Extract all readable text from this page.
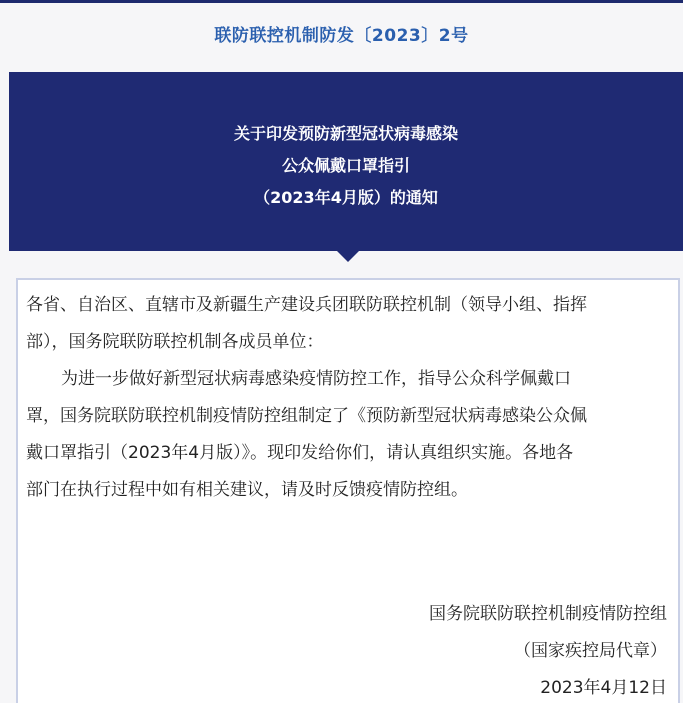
联防联控机制防发〔2023〕2号
关于印发预防新型冠状病毒感染
公众佩戴口罩指引
（2023年4月版）的通知
各省、自治区、直辖市及新疆生产建设兵团联防联控机制（领导小组、指挥
部），国务院联防联控机制各成员单位：
为进一步做好新型冠状病毒感染疫情防控工作，指导公众科学佩戴口
罩，国务院联防联控机制疫情防控组制定了《预防新型冠状病毒感染公众佩
戴口罩指引（2023年4月版）》。现印发给你们，请认真组织实施。各地各
部门在执行过程中如有相关建议，请及时反馈疫情防控组。
国务院联防联控机制疫情防控组
（国家疾控局代章）
2023年4月12日
